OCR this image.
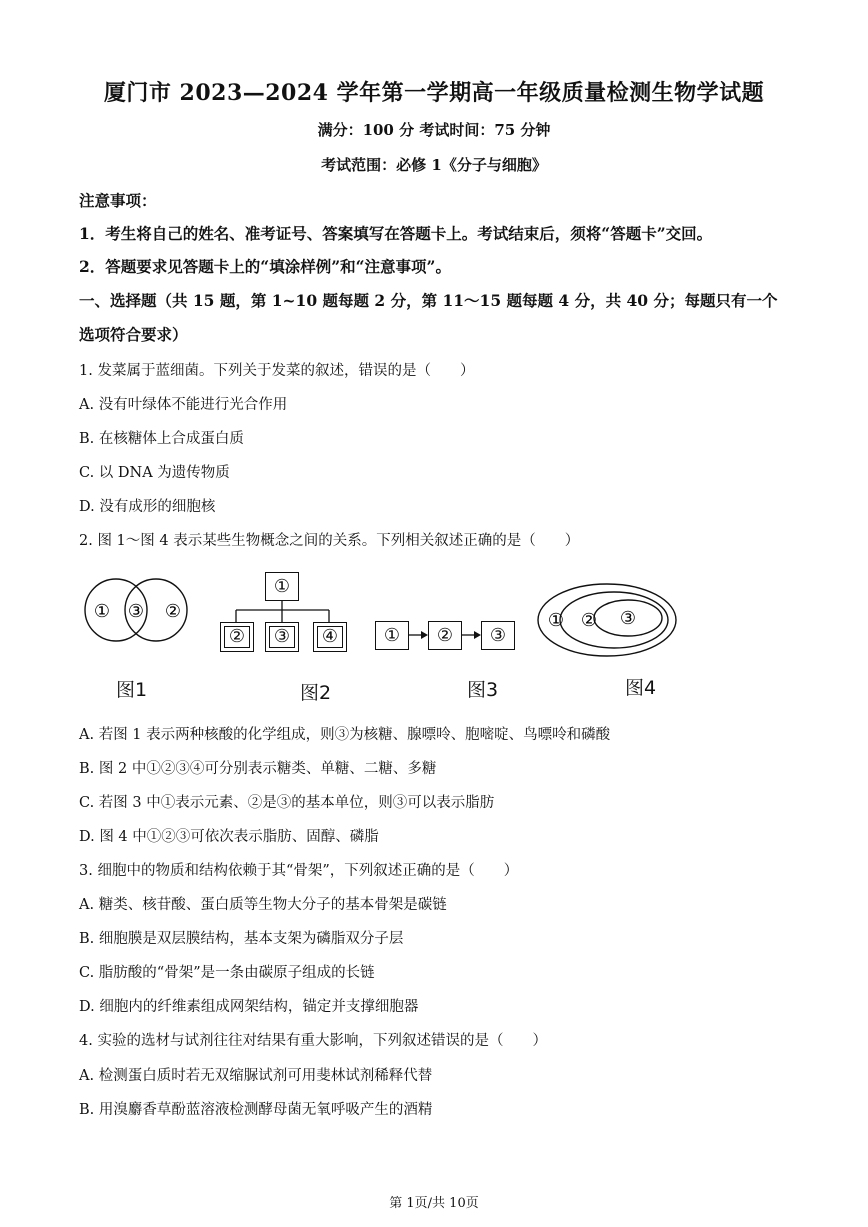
厦门市 2023—2024 学年第一学期高一年级质量检测生物学试题
满分：100 分 考试时间：75 分钟
考试范围：必修 1《分子与细胞》
注意事项：
1．考生将自己的姓名、准考证号、答案填写在答题卡上。考试结束后，须将“答题卡”交回。
2．答题要求见答题卡上的“填涂样例”和“注意事项”。
一、选择题（共 15 题，第 1~10 题每题 2 分，第 11～15 题每题 4 分，共 40 分；每题只有一个
选项符合要求）
1. 发菜属于蓝细菌。下列关于发菜的叙述，错误的是（　　）
A. 没有叶绿体不能进行光合作用
B. 在核糖体上合成蛋白质
C. 以 DNA 为遗传物质
D. 没有成形的细胞核
2. 图 1～图 4 表示某些生物概念之间的关系。下列相关叙述正确的是（　　）
① ③ ②
图1
①
② ③ ④
图2
① ② ③
图3
① ② ③
图4
A. 若图 1 表示两种核酸的化学组成，则③为核糖、腺嘌呤、胞嘧啶、鸟嘌呤和磷酸
B. 图 2 中①②③④可分别表示糖类、单糖、二糖、多糖
C. 若图 3 中①表示元素、②是③的基本单位，则③可以表示脂肪
D. 图 4 中①②③可依次表示脂肪、固醇、磷脂
3. 细胞中的物质和结构依赖于其“骨架”，下列叙述正确的是（　　）
A. 糖类、核苷酸、蛋白质等生物大分子的基本骨架是碳链
B. 细胞膜是双层膜结构，基本支架为磷脂双分子层
C. 脂肪酸的“骨架”是一条由碳原子组成的长链
D. 细胞内的纤维素组成网架结构，锚定并支撑细胞器
4. 实验的选材与试剂往往对结果有重大影响，下列叙述错误的是（　　）
A. 检测蛋白质时若无双缩脲试剂可用斐林试剂稀释代替
B. 用溴麝香草酚蓝溶液检测酵母菌无氧呼吸产生的酒精
第 1页/共 10页
